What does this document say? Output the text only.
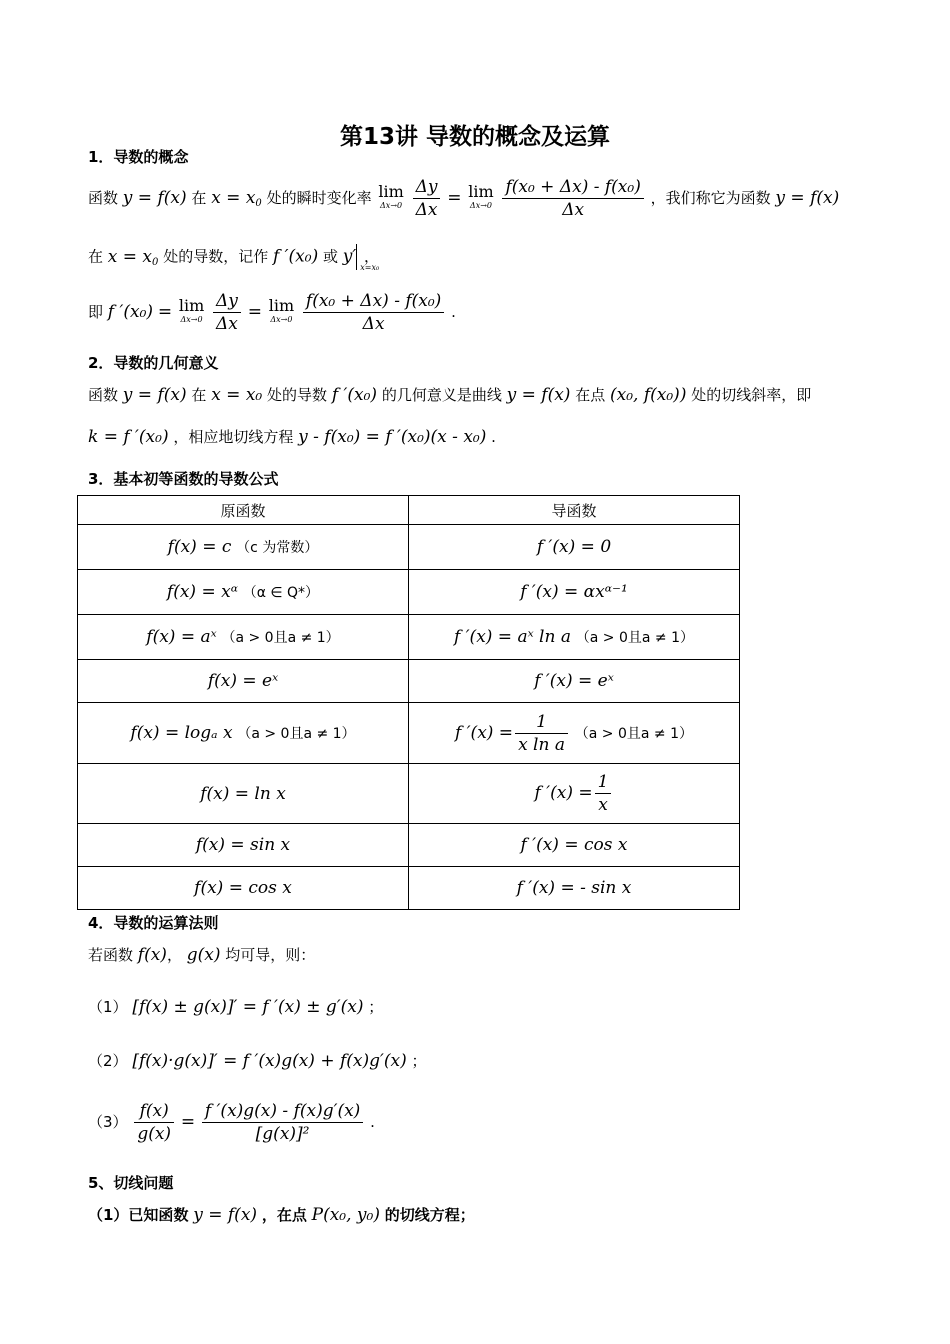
第13讲 导数的概念及运算
1．导数的概念
函数 y = f(x) 在 $x = x_0$ 处的瞬时变化率 lim
Δx→0
$\frac{\Delta y}{\Delta x} = \lim$
Δx→0
$\frac{\text{f(x₀ + Δx) - f(x₀)}}{\Delta x}$ ，我们称它为函数 y = f(x)
在 $x = x_0$ 处的导数，记作 f ′(x₀) 或 y′
x=x₀
，
即 f ′(x₀) = lim
Δx→0
$\frac{\Delta y}{\Delta x} = \lim$
Δx→0
$\frac{\text{f(x₀ + Δx) - f(x₀)}}{\Delta x}$ .
2．导数的几何意义
函数 y = f(x) 在 x = x₀ 处的导数 f ′(x₀) 的几何意义是曲线 y = f(x) 在点 (x₀, f(x₀)) 处的切线斜率，即
k = f ′(x₀) ，相应地切线方程 y - f(x₀) = f ′(x₀)(x - x₀) .
3．基本初等函数的导数公式
原函数	导函数
f(x) = c （c 为常数）	f ′(x) = 0
f(x) = xᵅ （α ∈ Q*）	f ′(x) = αxᵅ⁻¹
f(x) = aˣ （a > 0且a ≠ 1）	f ′(x) = aˣ ln a （a > 0且a ≠ 1）
f(x) = eˣ	f ′(x) = eˣ
f(x) = logₐ x （a > 0且a ≠ 1）	f $'(x) = \frac{1}{\text{x ln a}} (a > 0$且a ≠ 1）
f(x) = ln x	f $'(x) = \frac{1}{x}$

f(x) = sin x	f ′(x) = cos x
f(x) = cos x	f ′(x) = - sin x
4．导数的运算法则
若函数 f(x)， g(x) 均可导，则：
（1） [f(x) ± g(x)]′ = f ′(x) ± g′(x) ；
（2） [f(x)·g(x)]′ = f ′(x)g(x) + f(x)g′(x) ；
$(3) \frac{f(x)}{g(x)} = \frac{f '(x)g(x) - f(x)g'(x)}{\text{[g(x)]²}}$ .
5、切线问题
（1）已知函数 y = f(x) ，在点 P(x₀, y₀) 的切线方程；
